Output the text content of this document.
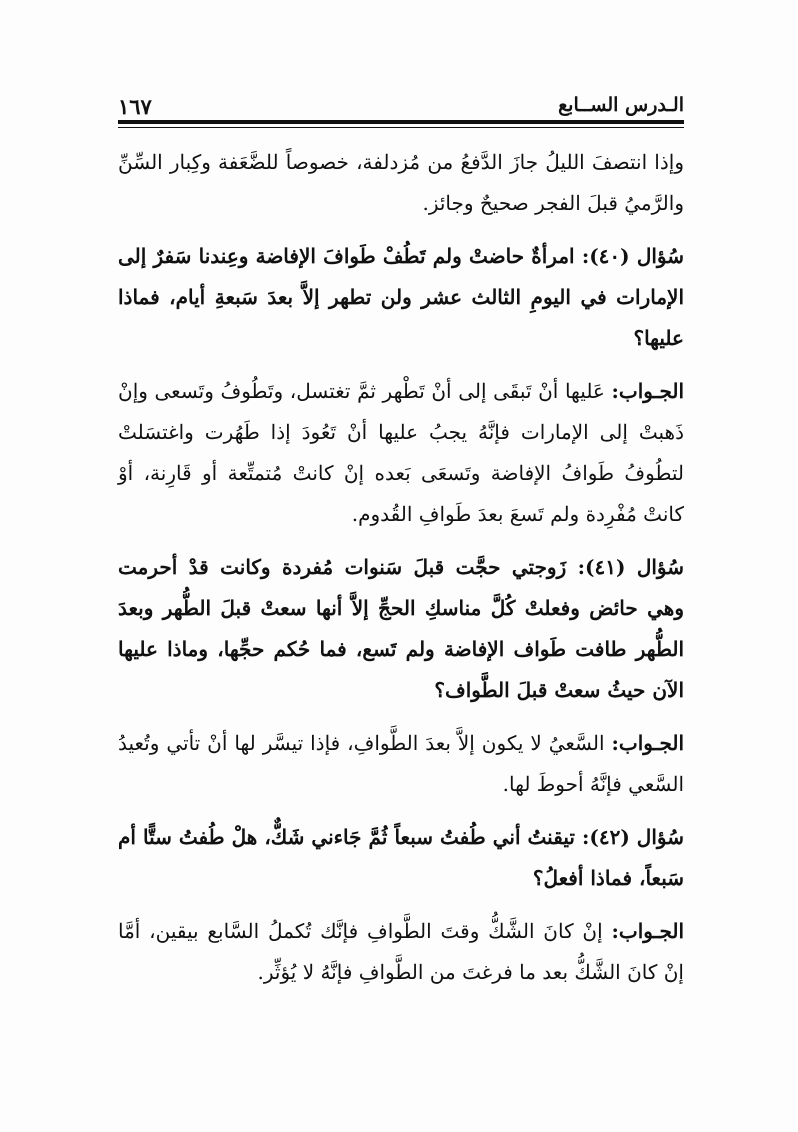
الـدرس الســابع
١٦٧

وإذا انتصفَ الليلُ جازَ الدَّفعُ من مُزدلفة، خصوصاً للضَّعَفة وكِبار السِّنِّ والرَّميُ قبلَ الفجر صحيحٌ وجائز.

سُؤال (٤٠): امرأةٌ حاضتْ ولم تَطُفْ طَوافَ الإفاضة وعِندنا سَفرٌ إلى الإمارات في اليومِ الثالث عشر ولن تطهر إلاَّ بعدَ سَبعةِ أيام، فماذا عليها؟

الجـواب: عَليها أنْ تَبقَى إلى أنْ تَطْهر ثمَّ تغتسل، وتَطُوفُ وتَسعى وإنْ ذَهبتْ إلى الإمارات فإنَّهُ يجبُ عليها أنْ تَعُودَ إذا طَهُرت واغتسَلتْ لتطُوفُ طَوافُ الإفاضة وتَسعَى بَعده إنْ كانتْ مُتمتِّعة أو قَارِنة، أوْ كانتْ مُفْرِدة ولم تَسعَ بعدَ طَوافِ القُدوم.

سُؤال (٤١): زَوجتي حجَّت قبلَ سَنوات مُفردة وكانت قدْ أحرمت وهي حائض وفعلتْ كُلَّ مناسكِ الحجِّ إلاَّ أنها سعتْ قبلَ الطُّهر وبعدَ الطُّهر طافت طَواف الإفاضة ولم تَسع، فما حُكم حجِّها، وماذا عليها الآن حيثُ سعتْ قبلَ الطَّواف؟

الجـواب: السَّعيُ لا يكون إلاَّ بعدَ الطَّوافِ، فإذا تيسَّر لها أنْ تأتي وتُعيدُ السَّعي فإنَّهُ أحوطَ لها.

سُؤال (٤٢): تيقنتُ أني طُفتُ سبعاً ثُمَّ جَاءني شَكٌّ، هلْ طُفتُ ستًّا أم سَبعاً، فماذا أفعلُ؟

الجـواب: إنْ كانَ الشَّكُّ وقتَ الطَّوافِ فإنَّك تُكملُ السَّابع بيقين، أمَّا إنْ كانَ الشَّكُّ بعد ما فرغتَ من الطَّوافِ فإنَّهُ لا يُؤثِّر.
